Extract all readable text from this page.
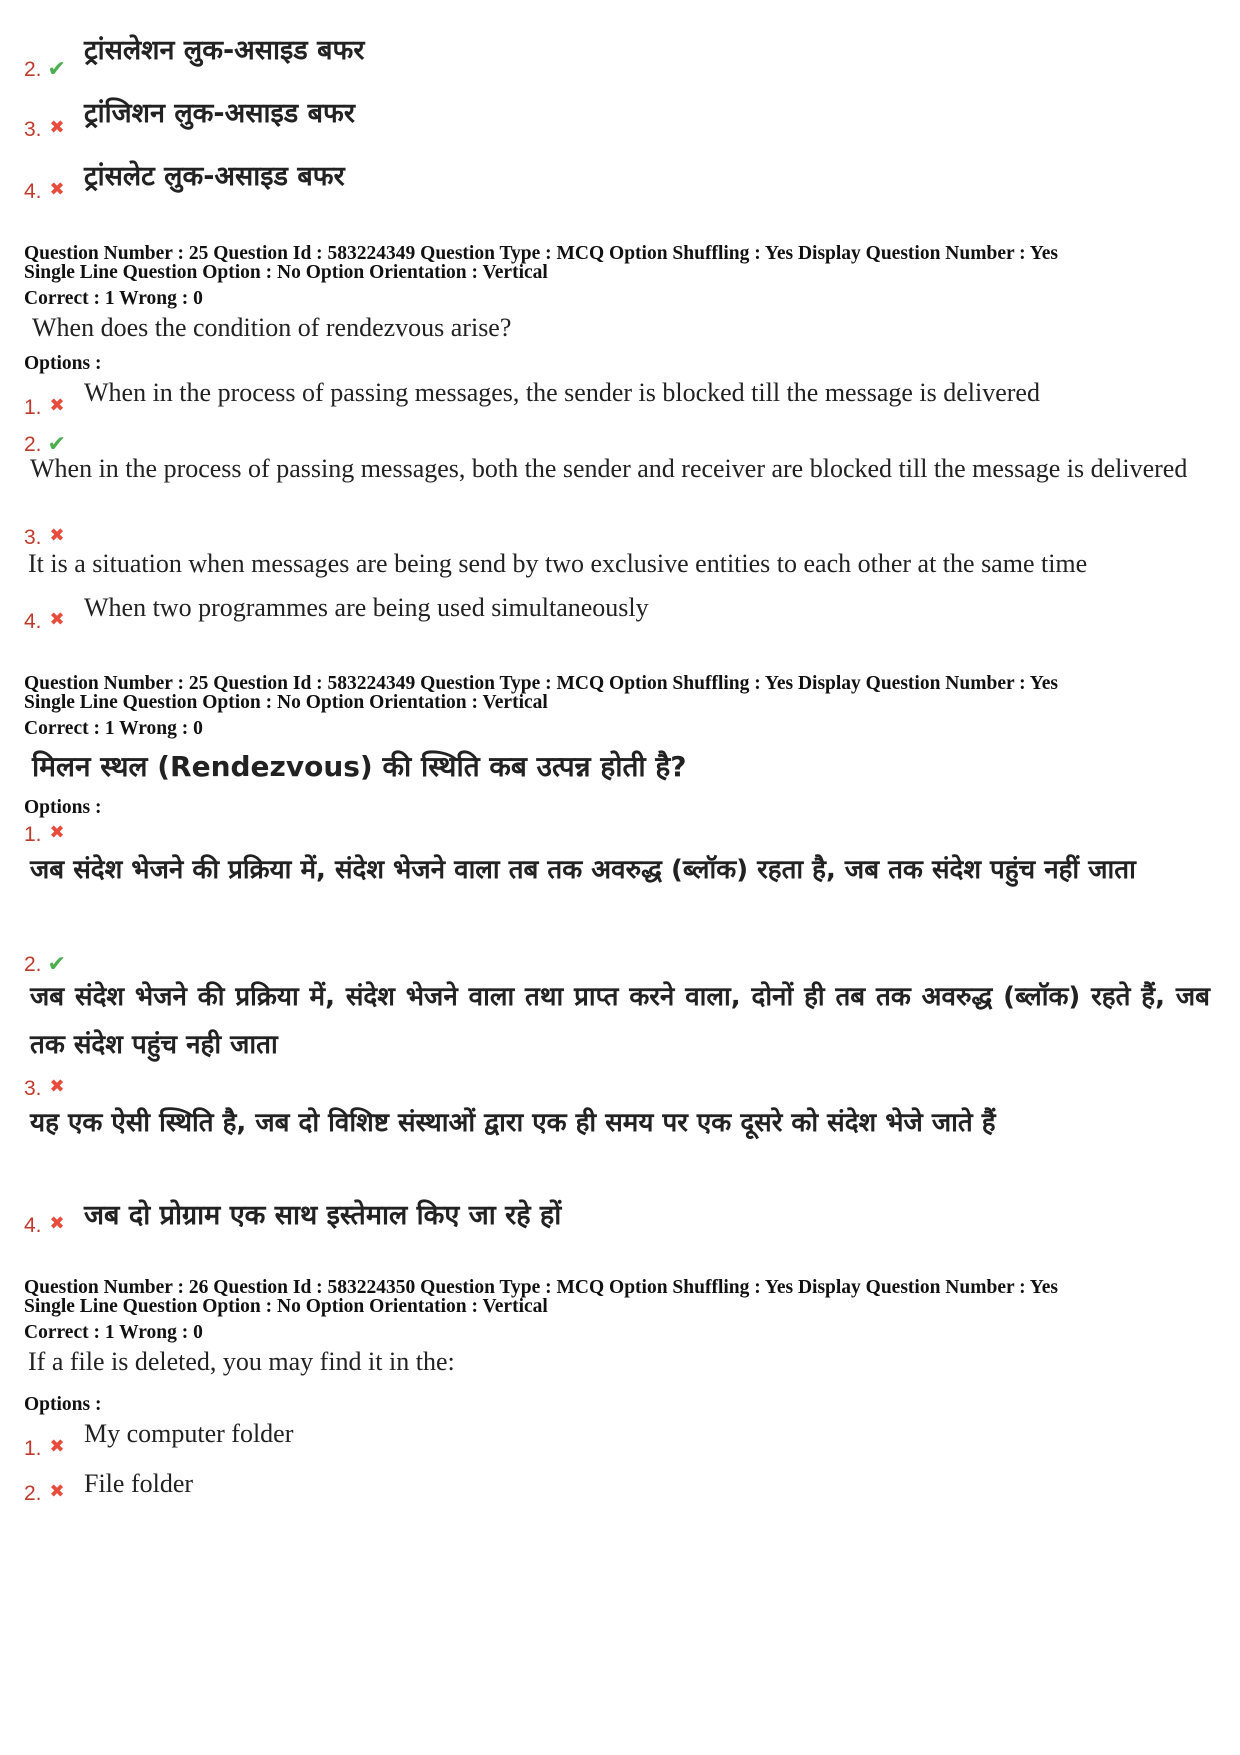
2. ✔
ट्रांसलेशन लुक-असाइड बफर
3. ✖ ट्रांजिशन लुक-असाइड बफर
4. ✖ ट्रांसलेट लुक-असाइड बफर
Question Number : 25 Question Id : 583224349 Question Type : MCQ Option Shuffling : Yes Display Question Number : Yes
Single Line Question Option : No Option Orientation : Vertical
Correct : 1 Wrong : 0
When does the condition of rendezvous arise?
Options :
1. ✖ When in the process of passing messages, the sender is blocked till the message is delivered
2. ✔
When in the process of passing messages, both the sender and receiver are blocked till the message is delivered
3. ✖
It is a situation when messages are being send by two exclusive entities to each other at the same time
4. ✖ When two programmes are being used simultaneously
Question Number : 25 Question Id : 583224349 Question Type : MCQ Option Shuffling : Yes Display Question Number : Yes
Single Line Question Option : No Option Orientation : Vertical
Correct : 1 Wrong : 0
मिलन स्थल (Rendezvous) की स्थिति कब उत्पन्न होती है?
Options :
1. ✖
जब संदेश भेजने की प्रक्रिया में, संदेश भेजने वाला तब तक अवरुद्ध (ब्लॉक) रहता है, जब तक संदेश पहुंच नहीं जाता
2. ✔
जब संदेश भेजने की प्रक्रिया में, संदेश भेजने वाला तथा प्राप्त करने वाला, दोनों ही तब तक अवरुद्ध (ब्लॉक) रहते हैं, जब तक संदेश पहुंच नही जाता
3. ✖
यह एक ऐसी स्थिति है, जब दो विशिष्ट संस्थाओं द्वारा एक ही समय पर एक दूसरे को संदेश भेजे जाते हैं
4. ✖ जब दो प्रोग्राम एक साथ इस्तेमाल किए जा रहे हों
Question Number : 26 Question Id : 583224350 Question Type : MCQ Option Shuffling : Yes Display Question Number : Yes
Single Line Question Option : No Option Orientation : Vertical
Correct : 1 Wrong : 0
If a file is deleted, you may find it in the:
Options :
1. ✖ My computer folder
2. ✖ File folder
